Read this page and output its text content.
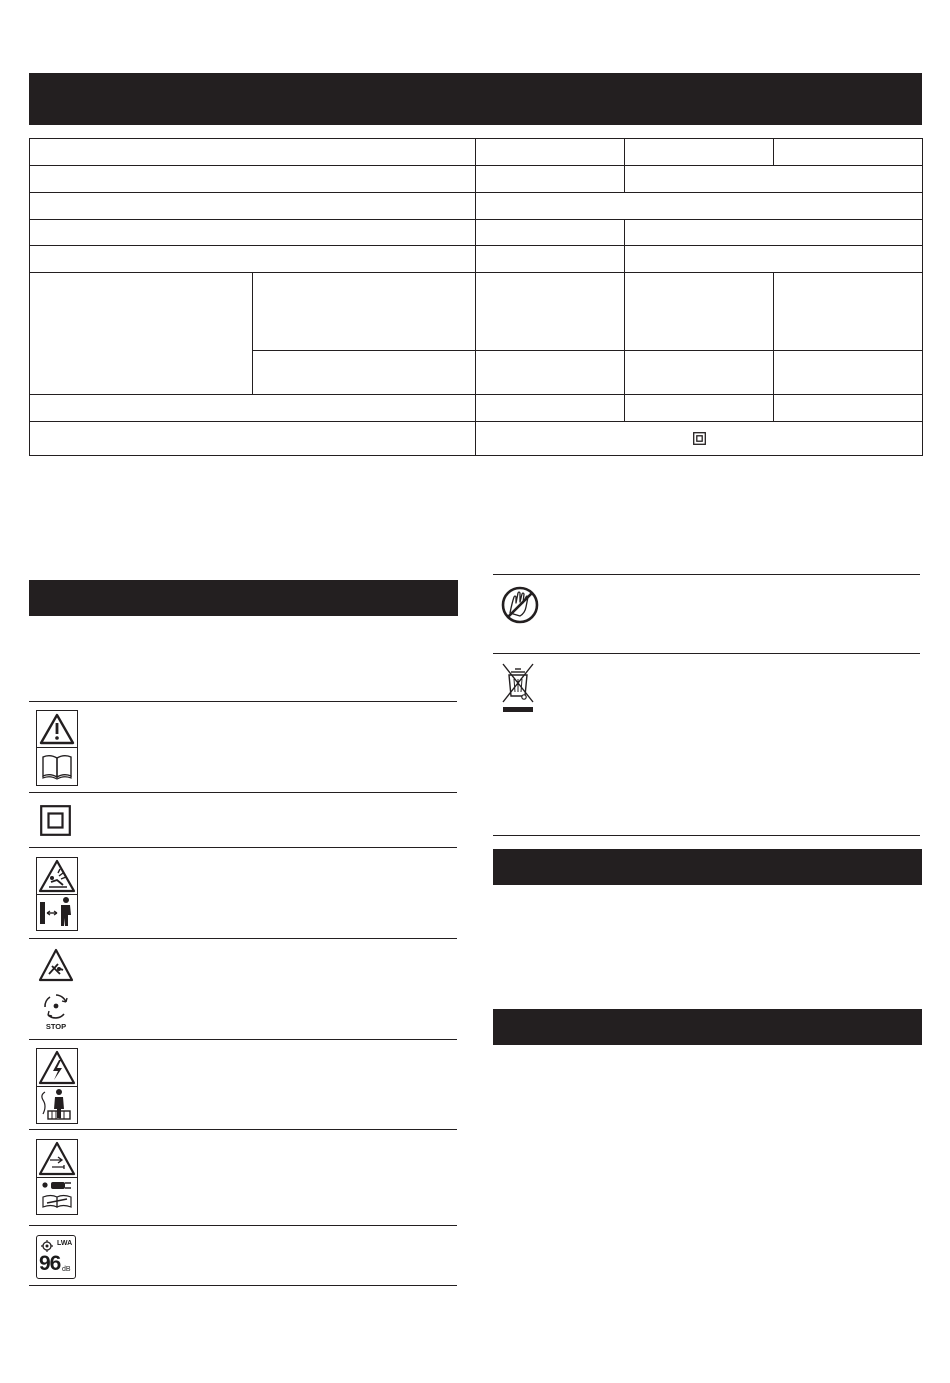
STOP
LWA
96 dB
